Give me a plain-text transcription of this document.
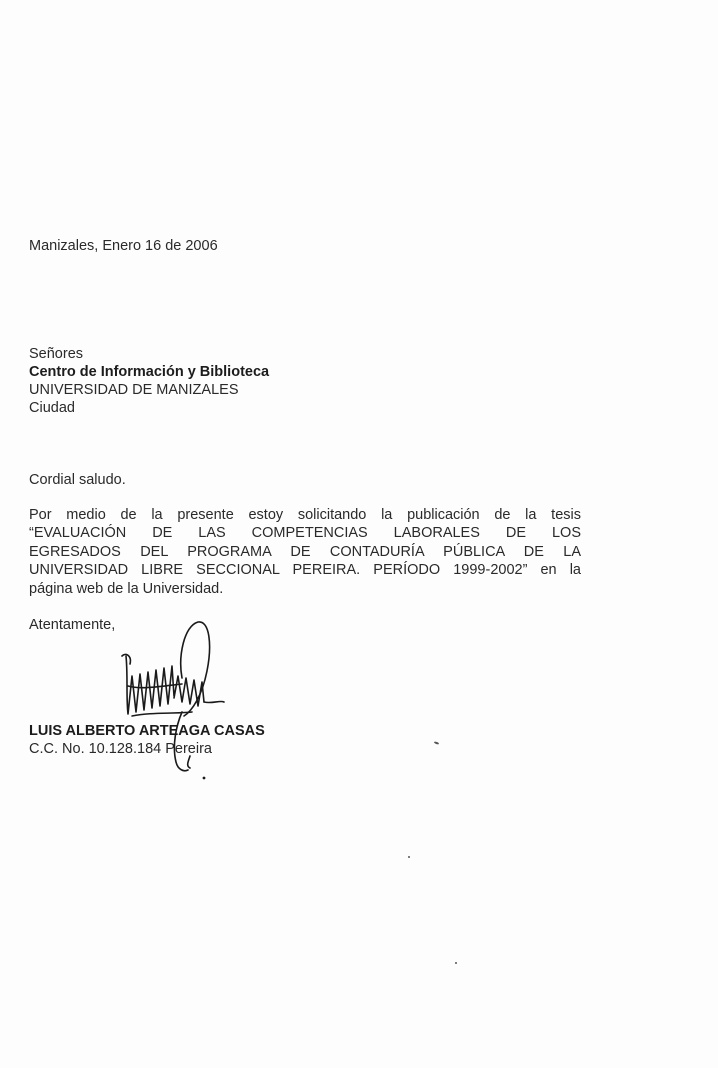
Manizales, Enero 16 de 2006
Señores
Centro de Información y Biblioteca
UNIVERSIDAD DE MANIZALES
Ciudad
Cordial saludo.
Por medio de la presente estoy solicitando la publicación de la tesis
“EVALUACIÓN DE LAS COMPETENCIAS LABORALES DE LOS
EGRESADOS DEL PROGRAMA DE CONTADURÍA PÚBLICA DE LA
UNIVERSIDAD LIBRE SECCIONAL PEREIRA. PERÍODO 1999-2002” en la
página web de la Universidad.
Atentamente,
LUIS ALBERTO ARTEAGA CASAS
C.C. No. 10.128.184 Pereira
